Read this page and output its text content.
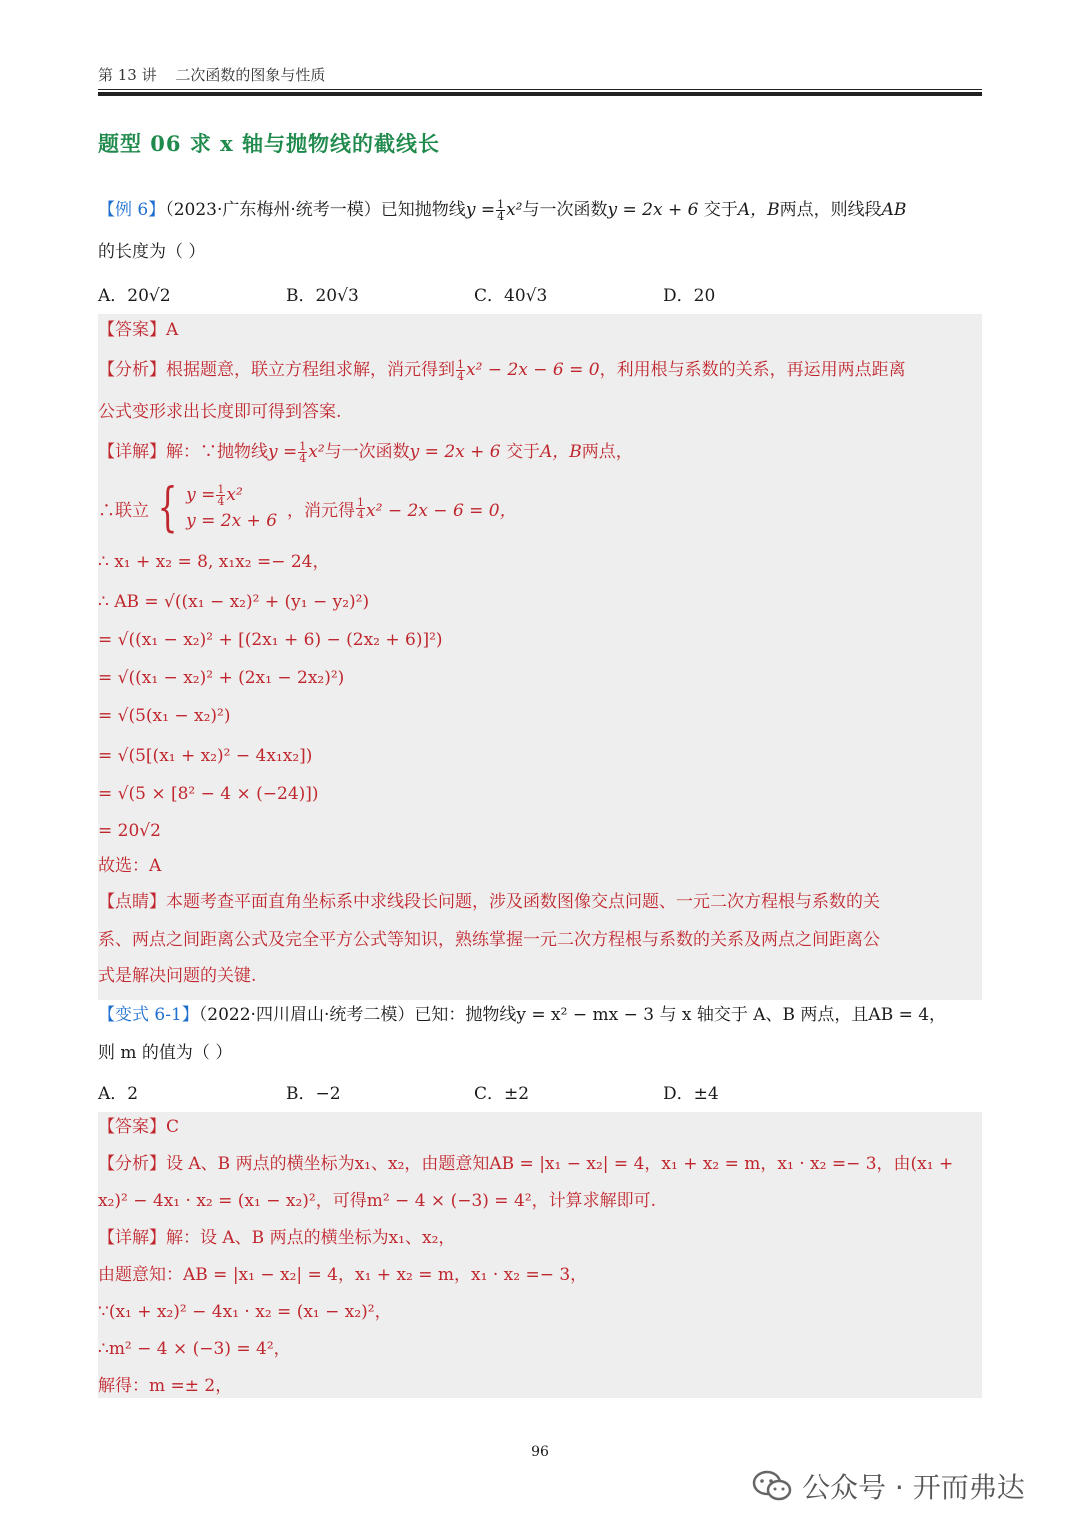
第 13 讲 二次函数的图象与性质
题型 06 求 x 轴与抛物线的截线长
【例 6】（2023·广东梅州·统考一模）已知抛物线$y = \frac{1}{4} x^2$与一次函数y = 2x + 6 交于A，B两点，则线段AB
的长度为（ ）
A．20√2	B．20√3	C．40√3	D．20
【答案】A
【分析】根据题意，联立方程组求解，消元得到 $\frac{1}{4} x^2 - 2x - 6 = 0$，利用根与系数的关系，再运用两点距离
公式变形求出长度即可得到答案.
【详解】解：∵抛物线$y = \frac{1}{4} x^2$与一次函数y = 2x + 6 交于A，B两点，
∴联立 { $y = \frac{1}{4} x^2$
y = 2x + 6
，消元得 $\frac{1}{4} x^2 - 2x - 6 = 0$，
∴ x₁ + x₂ = 8, x₁x₂ =− 24，
∴ AB = √((x₁ − x₂)² + (y₁ − y₂)²)
= √((x₁ − x₂)² + [(2x₁ + 6) − (2x₂ + 6)]²)
= √((x₁ − x₂)² + (2x₁ − 2x₂)²)
= √(5(x₁ − x₂)²)
= √(5[(x₁ + x₂)² − 4x₁x₂])
= √(5 × [8² − 4 × (−24)])
= 20√2
故选：A
【点睛】本题考查平面直角坐标系中求线段长问题，涉及函数图像交点问题、一元二次方程根与系数的关
系、两点之间距离公式及完全平方公式等知识，熟练掌握一元二次方程根与系数的关系及两点之间距离公
式是解决问题的关键.
【变式 6-1】（2022·四川眉山·统考二模）已知：抛物线y = x² − mx − 3 与 x 轴交于 A、B 两点，且AB = 4，
则 m 的值为（ ）
A．2	B．−2	C．±2	D．±4
【答案】C
【分析】设 A、B 两点的横坐标为x₁、x₂，由题意知AB = |x₁ − x₂| = 4，x₁ + x₂ = m，x₁ · x₂ =− 3，由(x₁ +
x₂)² − 4x₁ · x₂ = (x₁ − x₂)²，可得m² − 4 × (−3) = 4²，计算求解即可.
【详解】解：设 A、B 两点的横坐标为x₁、x₂，
由题意知：AB = |x₁ − x₂| = 4，x₁ + x₂ = m，x₁ · x₂ =− 3，
∵(x₁ + x₂)² − 4x₁ · x₂ = (x₁ − x₂)²，
∴m² − 4 × (−3) = 4²，
解得：m =± 2，
96
公众号 · 开而弗达
